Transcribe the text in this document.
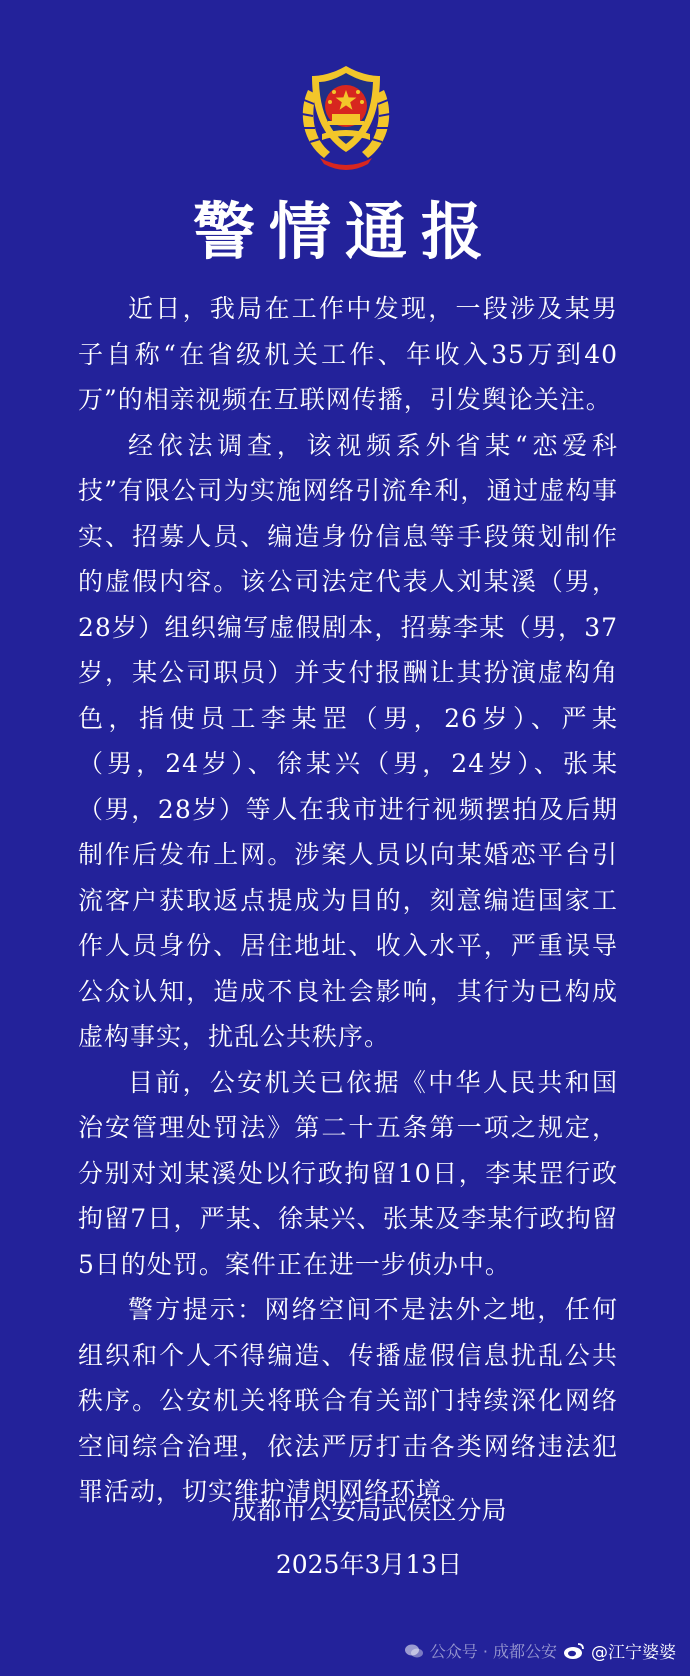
警情通报

近日，我局在工作中发现，一段涉及某男子自称“在省级机关工作、年收入35万到40万”的相亲视频在互联网传播，引发舆论关注。

经依法调查，该视频系外省某“恋爱科技”有限公司为实施网络引流牟利，通过虚构事实、招募人员、编造身份信息等手段策划制作的虚假内容。该公司法定代表人刘某溪（男，28岁）组织编写虚假剧本，招募李某（男，37岁，某公司职员）并支付报酬让其扮演虚构角色，指使员工李某罡（男，26岁）、严某（男，24岁）、徐某兴（男，24岁）、张某（男，28岁）等人在我市进行视频摆拍及后期制作后发布上网。涉案人员以向某婚恋平台引流客户获取返点提成为目的，刻意编造国家工作人员身份、居住地址、收入水平，严重误导公众认知，造成不良社会影响，其行为已构成虚构事实，扰乱公共秩序。

目前，公安机关已依据《中华人民共和国治安管理处罚法》第二十五条第一项之规定，分别对刘某溪处以行政拘留10日，李某罡行政拘留7日，严某、徐某兴、张某及李某行政拘留5日的处罚。案件正在进一步侦办中。

警方提示：网络空间不是法外之地，任何组织和个人不得编造、传播虚假信息扰乱公共秩序。公安机关将联合有关部门持续深化网络空间综合治理，依法严厉打击各类网络违法犯罪活动，切实维护清朗网络环境。

成都市公安局武侯区分局
2025年3月13日
公众号 · 成都公安 @江宁婆婆
